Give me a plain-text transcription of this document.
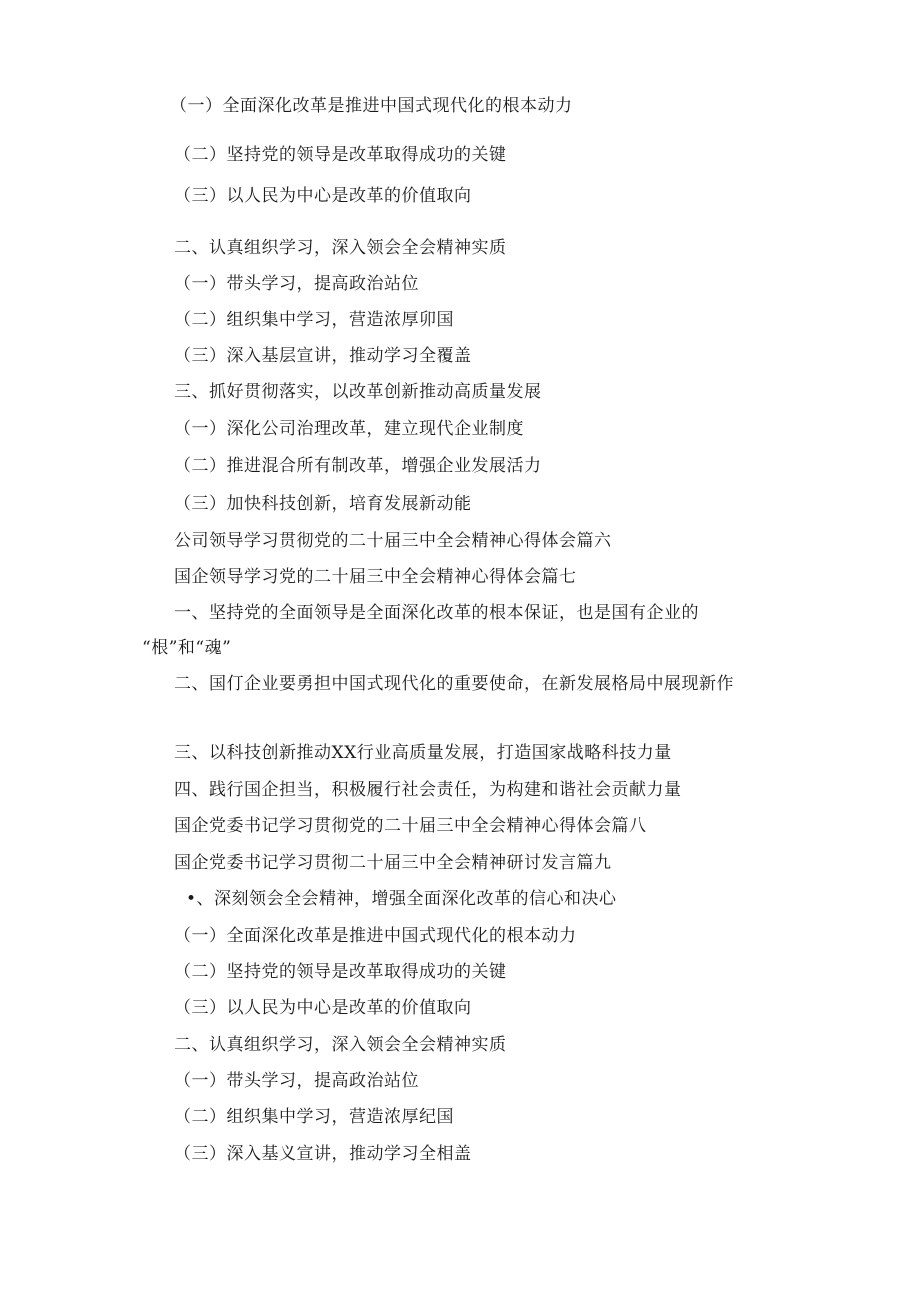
（一）全面深化改革是推进中国式现代化的根本动力
（二）坚持党的领导是改革取得成功的关键
（三）以人民为中心是改革的价值取向
二、认真组织学习，深入领会全会精神实质
（一）带头学习，提高政治站位
（二）组织集中学习，营造浓厚卯国
（三）深入基层宣讲，推动学习全覆盖
三、抓好贯彻落实，以改革创新推动高质量发展
（一）深化公司治理改革，建立现代企业制度
（二）推进混合所有制改革，增强企业发展活力
（三）加快科技创新，培育发展新动能
公司领导学习贯彻党的二十届三中全会精神心得体会篇六
国企领导学习党的二十届三中全会精神心得体会篇七
一、坚持党的全面领导是全面深化改革的根本保证，也是国有企业的
“根”和“魂”
二、国仃企业要勇担中国式现代化的重要使命，在新发展格局中展现新作
三、以科技创新推动XX行业高质量发展，打造国家战略科技力量
四、践行国企担当，积极履行社会责任，为构建和谐社会贡献力量
国企党委书记学习贯彻党的二十届三中全会精神心得体会篇八
国企党委书记学习贯彻二十届三中全会精神研讨发言篇九
•、深刻领会全会精神，增强全面深化改革的信心和决心
（一）全面深化改革是推进中国式现代化的根本动力
（二）坚持党的领导是改革取得成功的关键
（三）以人民为中心是改革的价值取向
二、认真组织学习，深入领会全会精神实质
（一）带头学习，提高政治站位
（二）组织集中学习，营造浓厚纪国
（三）深入基义宣讲，推动学习全相盖
